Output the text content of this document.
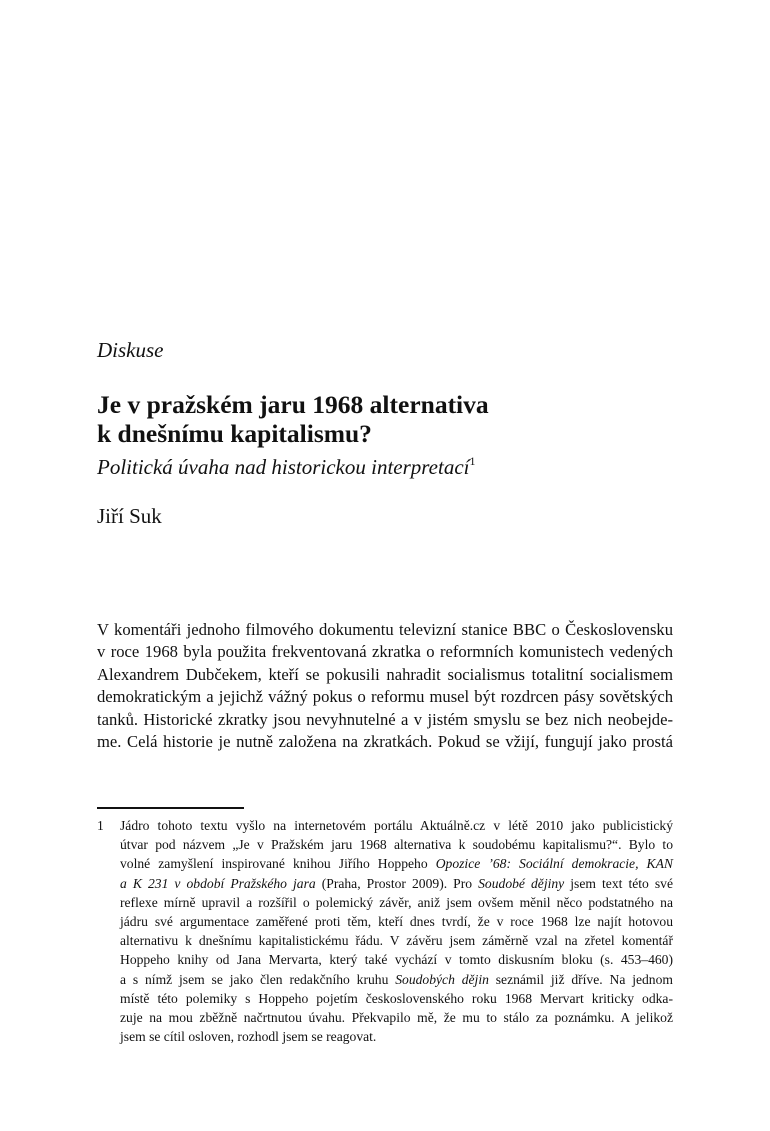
Diskuse
Je v pražském jaru 1968 alternativa
k dnešnímu kapitalismu?
Politická úvaha nad historickou interpretací$^1$
Jiří Suk
V komentáři jednoho filmového dokumentu televizní stanice BBC o Československu
v roce 1968 byla použita frekventovaná zkratka o reformních komunistech vedených
Alexandrem Dubčekem, kteří se pokusili nahradit socialismus totalitní socialismem
demokratickým a jejichž vážný pokus o reformu musel být rozdrcen pásy sovětských
tanků. Historické zkratky jsou nevyhnutelné a v jistém smyslu se bez nich neobejde-
me. Celá historie je nutně založena na zkratkách. Pokud se vžijí, fungují jako prostá
1 Jádro tohoto textu vyšlo na internetovém portálu Aktuálně.cz v létě 2010 jako publicistický
útvar pod názvem „Je v Pražském jaru 1968 alternativa k soudobému kapitalismu?“. Bylo to
volné zamyšlení inspirované knihou Jiřího Hoppeho Opozice ’68: Sociální demokracie, KAN
a K 231 v období Pražského jara (Praha, Prostor 2009). Pro Soudobé dějiny jsem text této své
reflexe mírně upravil a rozšířil o polemický závěr, aniž jsem ovšem měnil něco podstatného na
jádru své argumentace zaměřené proti těm, kteří dnes tvrdí, že v roce 1968 lze najít hotovou
alternativu k dnešnímu kapitalistickému řádu. V závěru jsem záměrně vzal na zřetel komentář
Hoppeho knihy od Jana Mervarta, který také vychází v tomto diskusním bloku (s. 453–460)
a s nímž jsem se jako člen redakčního kruhu Soudobých dějin seznámil již dříve. Na jednom
místě této polemiky s Hoppeho pojetím československého roku 1968 Mervart kriticky odka-
zuje na mou zběžně načrtnutou úvahu. Překvapilo mě, že mu to stálo za poznámku. A jelikož
jsem se cítil osloven, rozhodl jsem se reagovat.
